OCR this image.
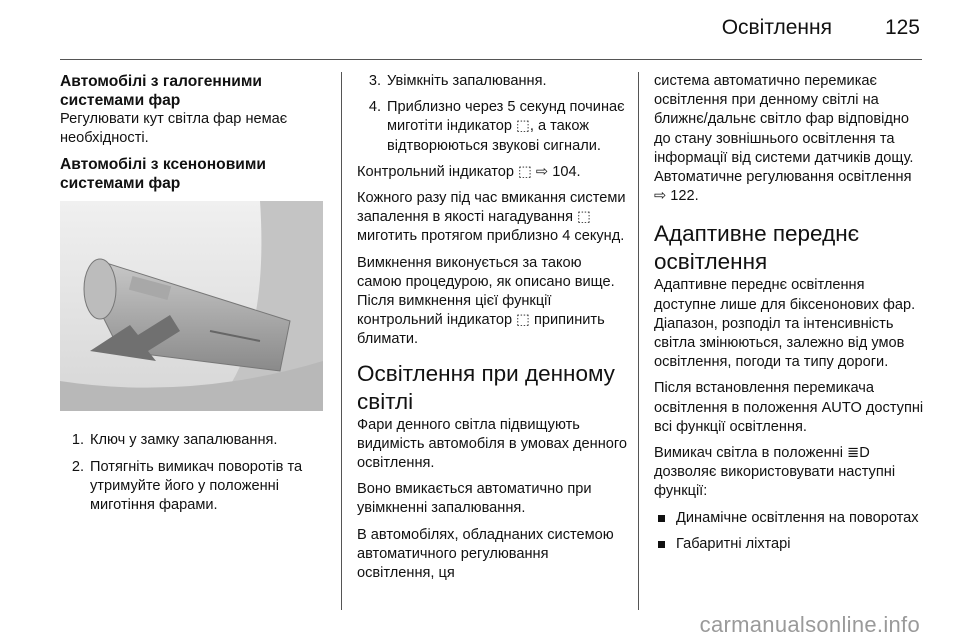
Освітлення	125
Автомобілі з галогенними системами фар

Регулювати кут світла фар немає необхідності.

Автомобілі з ксеноновими системами фар
1. Ключ у замку запалювання.
2. Потягніть вимикач поворотів та утримуйте його у положенні миготіння фарами.
3. Увімкніть запалювання.
4. Приблизно через 5 секунд починає миготіти індикатор ⬚, а також відтворюються звукові сигнали.

Контрольний індикатор ⬚ ⇨ 104.

Кожного разу під час вмикання системи запалення в якості нагадування ⬚ миготить протягом приблизно 4 секунд.

Вимкнення виконується за такою самою процедурою, як описано вище. Після вимкнення цієї функції контрольний індикатор ⬚ припинить блимати.

Освітлення при денному світлі

Фари денного світла підвищують видимість автомобіля в умовах денного освітлення.

Воно вмикається автоматично при увімкненні запалювання.

В автомобілях, обладнаних системою автоматичного регулювання освітлення, ця

система автоматично перемикає освітлення при денному світлі на ближнє/дальнє світло фар відповідно до стану зовнішнього освітлення та інформації від системи датчиків дощу.

Автоматичне регулювання освітлення ⇨ 122.

Адаптивне переднє освітлення

Адаптивне переднє освітлення доступне лише для біксенонових фар. Діапазон, розподіл та інтенсивність світла змінюються, залежно від умов освітлення, погоди та типу дороги.

Після встановлення перемикача освітлення в положення AUTO доступні всі функції освітлення.

Вимикач світла в положенні ≣D дозволяє використовувати наступні функції:

Динамічне освітлення на поворотах
Габаритні ліхтарі
carmanualsonline.info
